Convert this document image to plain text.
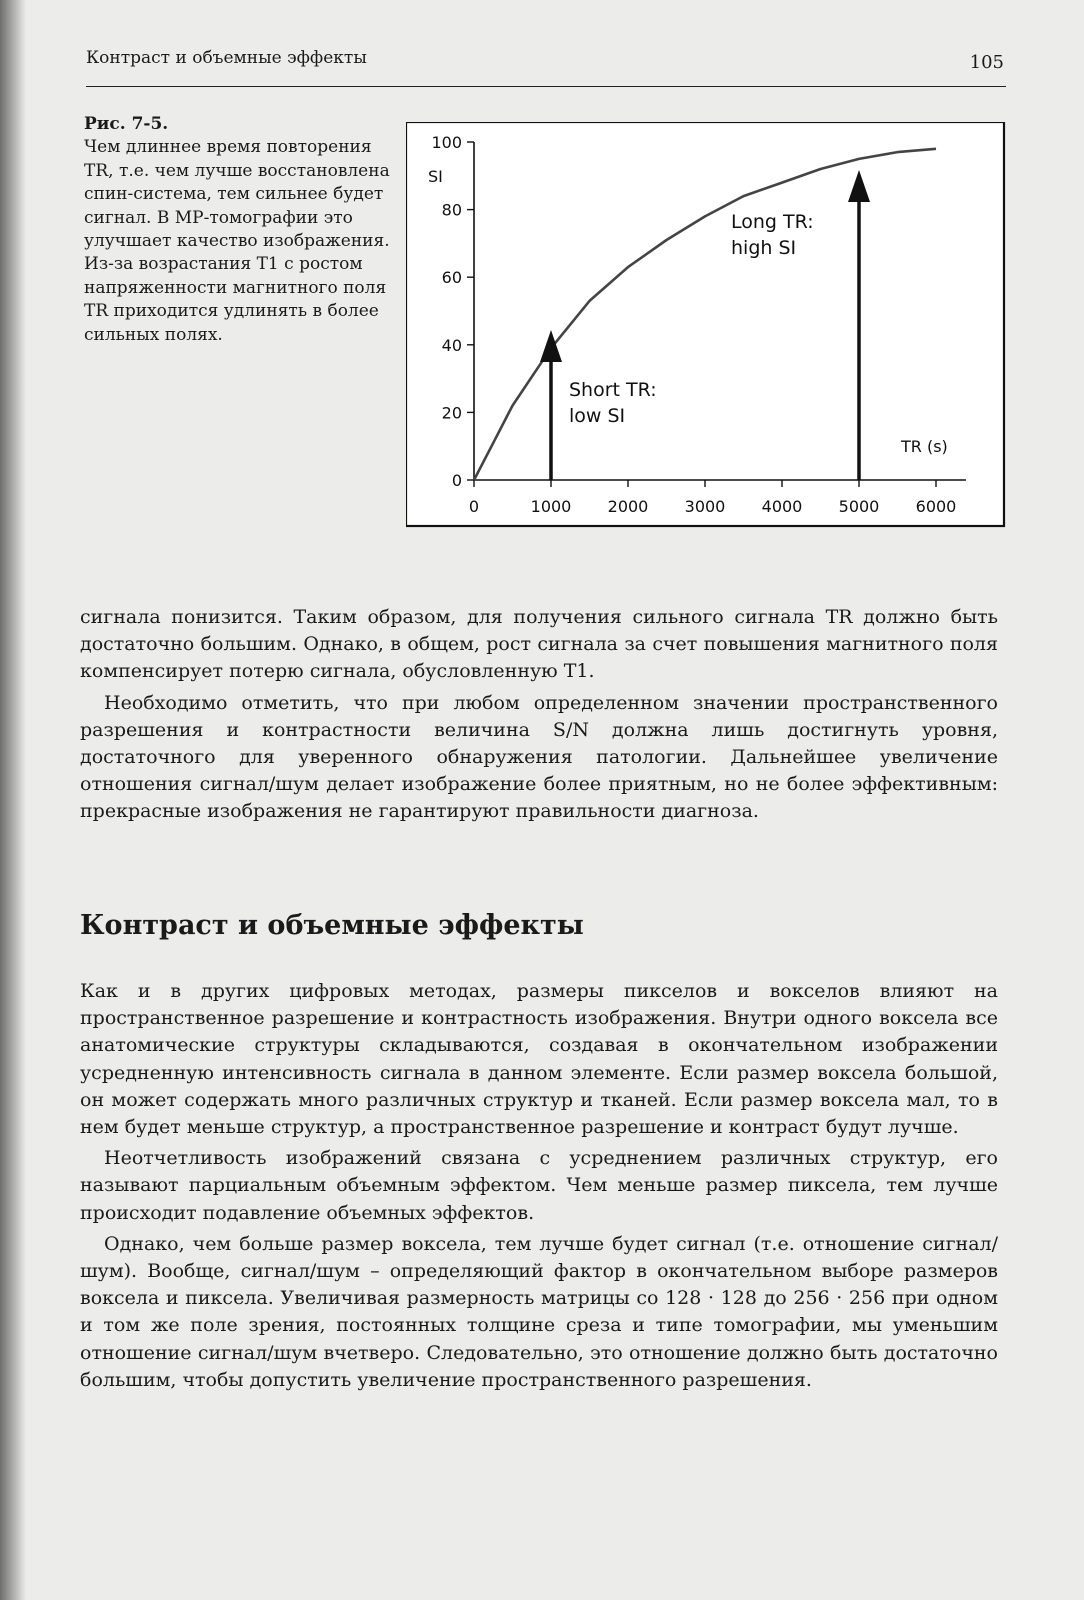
Контраст и объемные эффекты	105
Рис. 7-5.
Чем длиннее время повторения TR, т.е. чем лучше восстановлена спин-система, тем сильнее будет сигнал. В МР-томографии это улучшает качество изображения. Из-за возрастания T1 с ростом напряженности магнитного поля TR приходится удлинять в более сильных полях.
0
20
40
60
80
100
0	1000 2000 3000 4000 5000 6000
Short TR:
low SI
Long TR:
high SI
SI
TR (s)

сигнала понизится. Таким образом, для получения сильного сигнала TR должно быть достаточно большим. Однако, в общем, рост сигнала за счет повышения магнитного поля компенсирует потерю сигнала, обусловленную T1.

Необходимо отметить, что при любом определенном значении пространственного разрешения и контрастности величина S/N должна лишь достигнуть уровня, достаточного для уверенного обнаружения патологии. Дальнейшее увеличение отношения сигнал/шум делает изображение более приятным, но не более эффективным: прекрасные изображения не гарантируют правильности диагноза.

Контраст и объемные эффекты

Как и в других цифровых методах, размеры пикселов и вокселов влияют на пространственное разрешение и контрастность изображения. Внутри одного воксела все анатомические структуры складываются, создавая в окончательном изображении усредненную интенсивность сигнала в данном элементе. Если размер воксела большой, он может содержать много различных структур и тканей. Если размер воксела мал, то в нем будет меньше структур, а пространственное разрешение и контраст будут лучше.

Неотчетливость изображений связана с усреднением различных структур, его называют парциальным объемным эффектом. Чем меньше размер пиксела, тем лучше происходит подавление объемных эффектов.

Однако, чем больше размер воксела, тем лучше будет сигнал (т.е. отношение сигнал/шум). Вообще, сигнал/шум – определяющий фактор в окончательном выборе размеров воксела и пиксела. Увеличивая размерность матрицы со 128 · 128 до 256 · 256 при одном и том же поле зрения, постоянных толщине среза и типе томографии, мы уменьшим отношение сигнал/шум вчетверо. Следовательно, это отношение должно быть достаточно большим, чтобы допустить увеличение пространственного разрешения.
